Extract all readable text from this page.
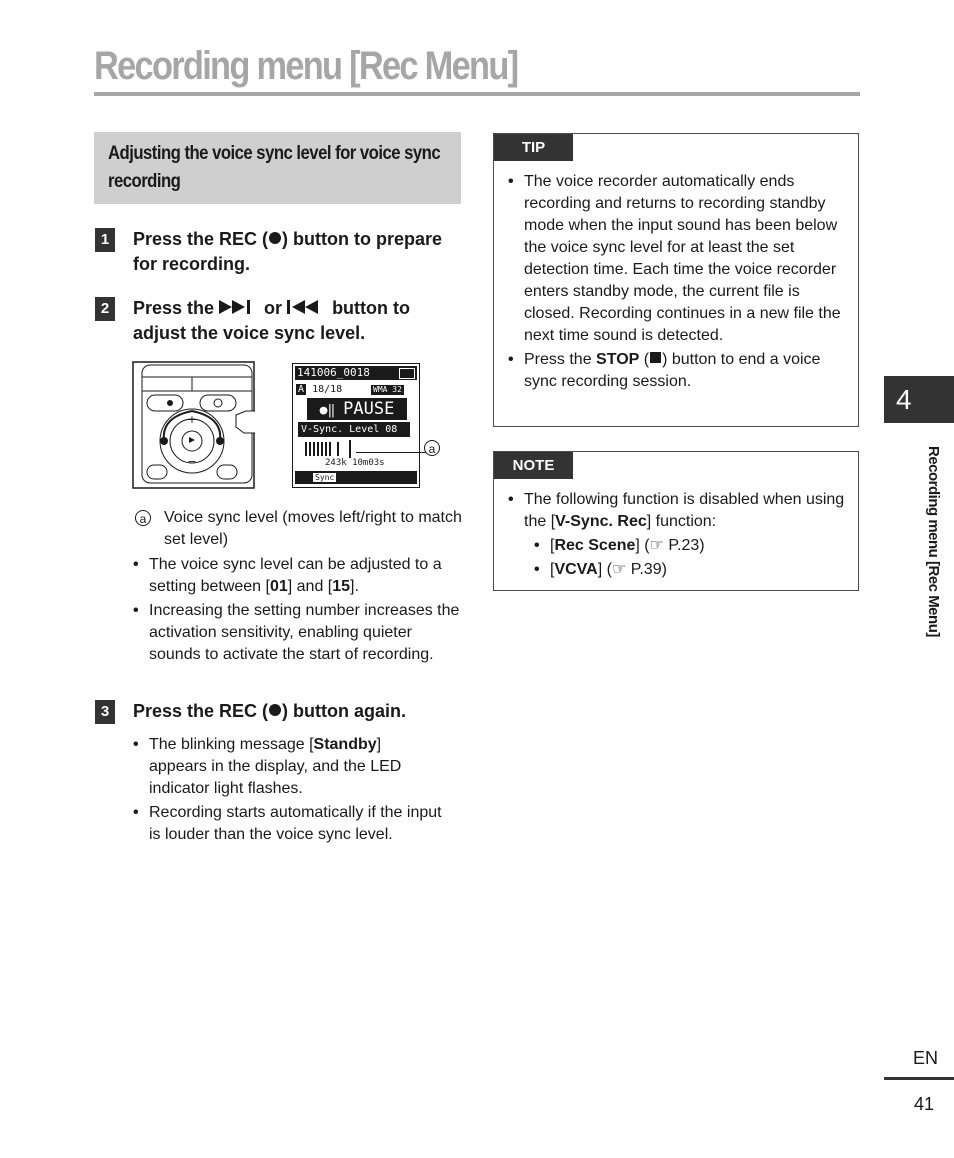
Recording menu [Rec Menu]
Adjusting the voice sync level for voice sync recording
1	Press the REC ( ) button to prepare for recording.
2	Press the  or  button to adjust the voice sync level.
+
−
141006_0018
A 18/18	WMA 32
●‖ PAUSE
V-Sync. Level 08
243k 10m03s
Sync
a
a Voice sync level (moves left/right to match set level)
• The voice sync level can be adjusted to a setting between [01] and [15].
• Increasing the setting number increases the activation sensitivity, enabling quieter sounds to activate the start of recording.
3	Press the REC ( ) button again.
• The blinking message [Standby] appears in the display, and the LED indicator light flashes.
• Recording starts automatically if the input is louder than the voice sync level.
TIP
• The voice recorder automatically ends recording and returns to recording standby mode when the input sound has been below the voice sync level for at least the set detection time. Each time the voice recorder enters standby mode, the current file is closed. Recording continues in a new file the next time sound is detected.
• Press the STOP ( ) button to end a voice sync recording session.
NOTE
• The following function is disabled when using the [V-Sync. Rec] function:
• [Rec Scene] (☞ P.23)
• [VCVA] (☞ P.39)
4
Recording menu [Rec Menu]
EN
41
